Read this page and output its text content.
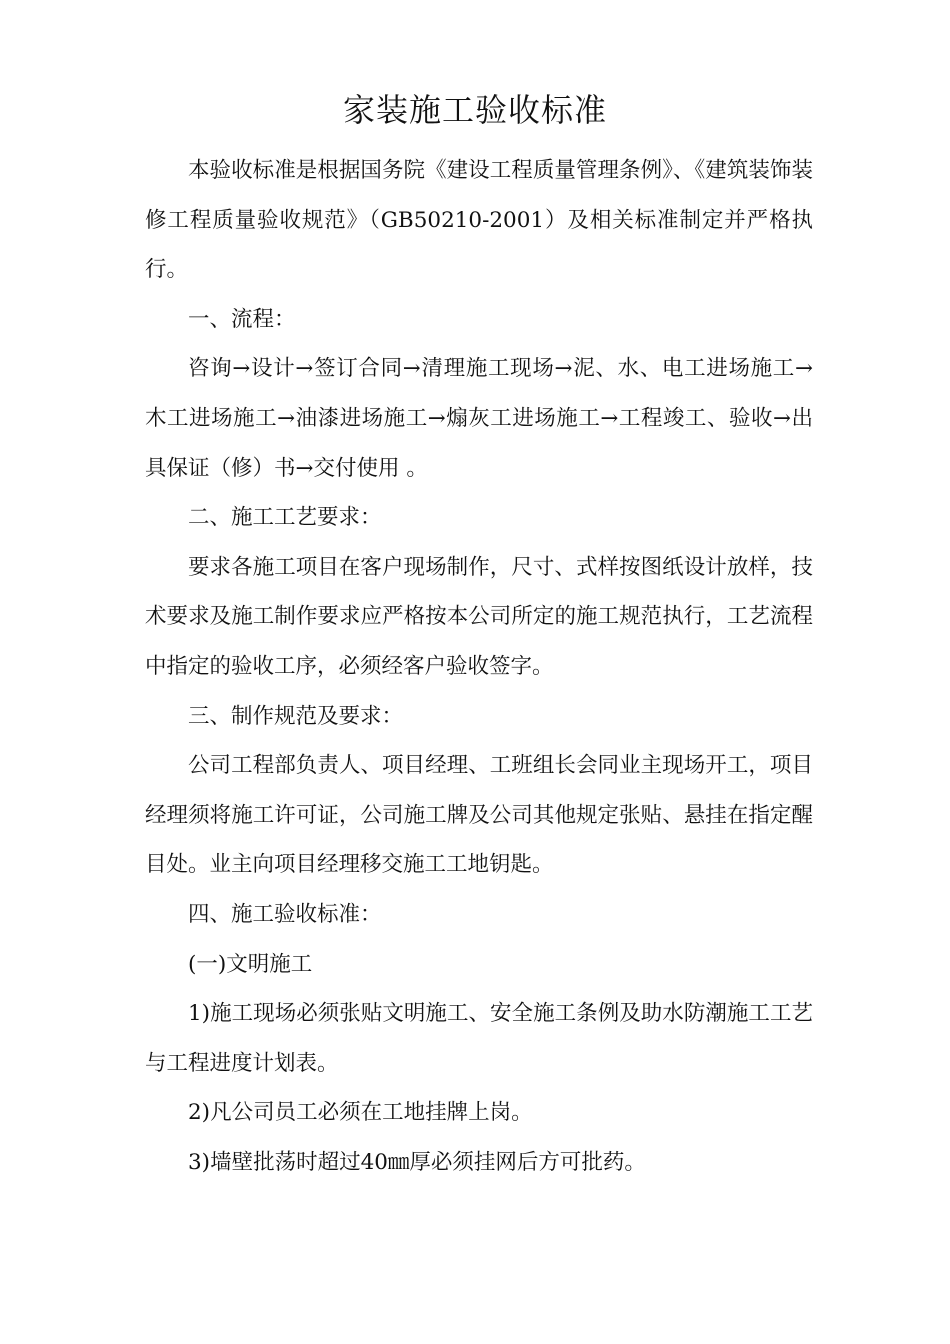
家装施工验收标准

本验收标准是根据国务院《建设工程质量管理条例》、《建筑装饰装修工程质量验收规范》（GB50210-2001）及相关标准制定并严格执行。

一、流程：

咨询→设计→签订合同→清理施工现场→泥、水、电工进场施工→木工进场施工→油漆进场施工→煽灰工进场施工→工程竣工、验收→出具保证（修）书→交付使用 。

二、施工工艺要求：

要求各施工项目在客户现场制作，尺寸、式样按图纸设计放样，技术要求及施工制作要求应严格按本公司所定的施工规范执行，工艺流程中指定的验收工序，必须经客户验收签字。

三、制作规范及要求：

公司工程部负责人、项目经理、工班组长会同业主现场开工，项目经理须将施工许可证，公司施工牌及公司其他规定张贴、悬挂在指定醒目处。业主向项目经理移交施工工地钥匙。

四、施工验收标准：

(一)文明施工

1)施工现场必须张贴文明施工、安全施工条例及助水防潮施工工艺与工程进度计划表。

2)凡公司员工必须在工地挂牌上岗。

3)墙壁批荡时超过40㎜厚必须挂网后方可批药。
